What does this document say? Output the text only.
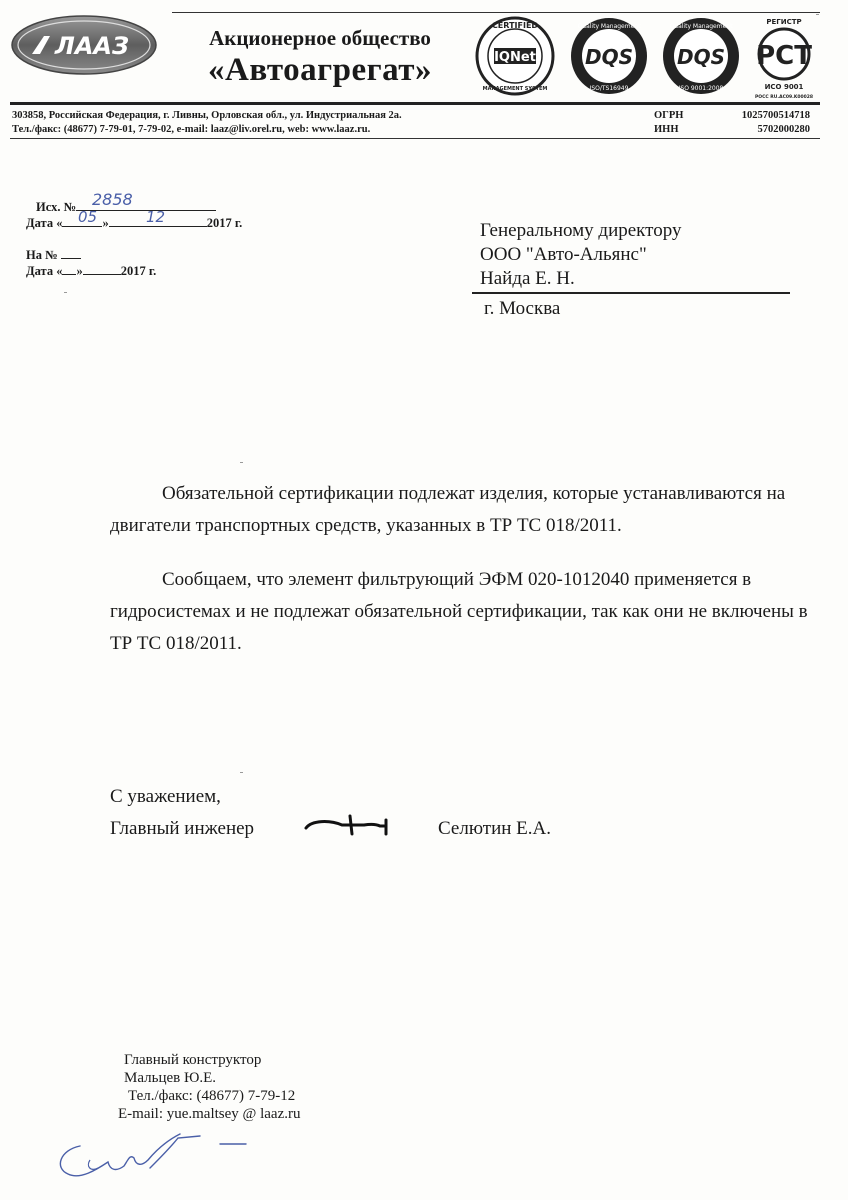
ЛААЗ	Акционерное общество
«Автоагрегат»
CERTIFIED
IQNet
MANAGEMENT SYSTEM
Quality Management
DQS
ISO/TS16949
Quality Management
DQS
ISO 9001:2008
РЕГИСТР
РСТ
ИСО 9001
РОСС RU.AC09.K00028
303858, Российская Федерация, г. Ливны, Орловская обл., ул. Индустриальная 2а.
Тел./факс: (48677) 7-79-01, 7-79-02, e-mail: laaz@liv.orel.ru, web: www.laaz.ru.
ОГРН	1025700514718
ИНН	5702000280
Исх. № 2858
Дата «	»	2017 г.
05	12
На №
Дата « »	2017 г.
Генеральному директору
ООО "Авто-Альянс"
Найда Е. Н.
г. Москва
Обязательной сертификации подлежат изделия, которые устанавливаются на двигатели транспортных средств, указанных в ТР ТС 018/2011.
Сообщаем, что элемент фильтрующий ЭФМ 020-1012040 применяется в гидросистемах и не подлежат обязательной сертификации, так как они не включены в ТР ТС 018/2011.
С уважением,
Главный инженер	Селютин Е.А.
Главный конструктор
Мальцев Ю.Е.
Тел./факс: (48677) 7-79-12
E-mail: yue.maltsey @ laaz.ru
